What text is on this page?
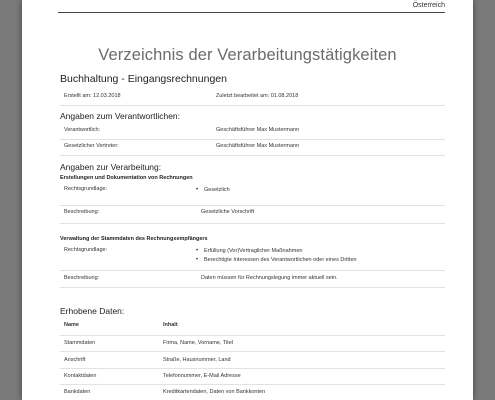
Österreich
Verzeichnis der Verarbeitungstätigkeiten
Buchhaltung - Eingangsrechnungen
Erstellt am: 12.03.2018	Zuletzt bearbeitet am: 01.08.2018
Angaben zum Verantwortlichen:
Verantwortlich:	Geschäftsführer Max Mustermann
Gesetzlicher Vertreter:	Geschäftsführer Max Mustermann
Angaben zur Verarbeitung:
Erstellungen und Dokumentation von Rechnungen
Rechtsgrundlage:	• Gesetzlich
Beschreibung:	Gesetzliche Vorschrift
Verwaltung der Stammdaten des Rechnungsempfängers
Rechtsgrundlage:	• Erfüllung (Vor)Vertraglicher Maßnahmen
• Berechtigte Interessen des Verantwortlichen oder eines Dritten
Beschreibung:	Daten müssen für Rechnungslegung immer aktuell sein.
Erhobene Daten:
Name	Inhalt
Stammdaten	Firma, Name, Vorname, Titel
Anschrift	Straße, Hausnummer, Land
Kontaktdaten	Telefonnummer, E-Mail Adresse
Bankdaten	Kreditkartendaten, Daten von Bankkonten
